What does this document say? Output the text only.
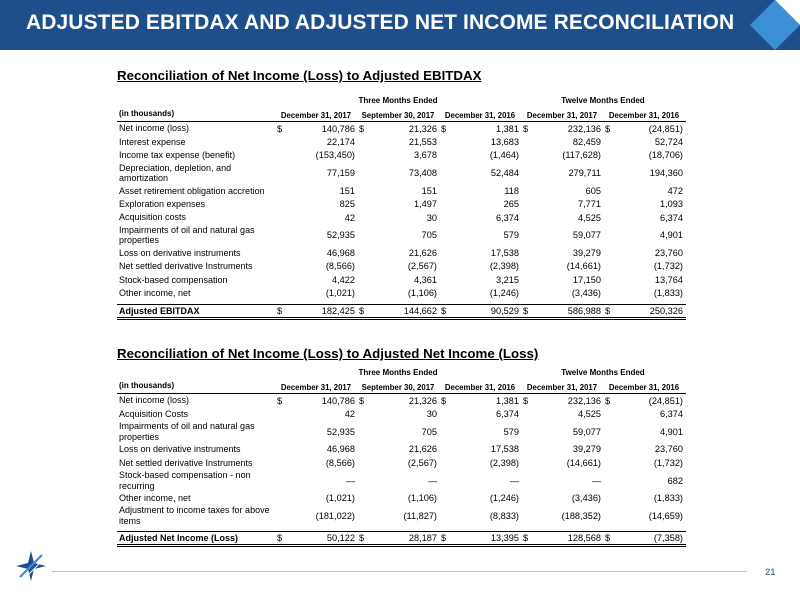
ADJUSTED EBITDAX AND ADJUSTED NET INCOME RECONCILIATION
Reconciliation of Net Income (Loss) to Adjusted EBITDAX
Three Months Ended	Twelve Months Ended
(in thousands)	December 31, 2017	September 30, 2017	December 31, 2016	December 31, 2017	December 31, 2016
Net income (loss)	$	140,786 $	21,326 $	1,381 $	232,136 $	(24,851)
Interest expense	22,174	21,553	13,683	82,459	52,724
Income tax expense (benefit)	(153,450)	3,678	(1,464)	(117,628)	(18,706)
Depreciation, depletion, and amortization	77,159	73,408	52,484	279,711	194,360
Asset retirement obligation accretion	151	151	118	605	472
Exploration expenses	825	1,497	265	7,771	1,093
Acquisition costs	42	30	6,374	4,525	6,374
Impairments of oil and natural gas properties	52,935	705	579	59,077	4,901
Loss on derivative instruments	46,968	21,626	17,538	39,279	23,760
Net settled derivative Instruments	(8,566)	(2,567)	(2,398)	(14,661)	(1,732)
Stock-based compensation	4,422	4,361	3,215	17,150	13,764
Other income, net	(1,021)	(1,106)	(1,246)	(3,436)	(1,833)
Adjusted EBITDAX	$	182,425 $	144,662 $	90,529 $	586,988 $	250,326
Reconciliation of Net Income (Loss) to Adjusted Net Income (Loss)
Three Months Ended	Twelve Months Ended
(in thousands)	December 31, 2017	September 30, 2017	December 31, 2016	December 31, 2017	December 31, 2016
Net income (loss)	$	140,786 $	21,326 $	1,381 $	232,136 $	(24,851)
Acquisition Costs	42	30	6,374	4,525	6,374
Impairments of oil and natural gas properties	52,935	705	579	59,077	4,901
Loss on derivative instruments	46,968	21,626	17,538	39,279	23,760
Net settled derivative Instruments	(8,566)	(2,567)	(2,398)	(14,661)	(1,732)
Stock-based compensation - non recurring	—	—	—	—	682
Other income, net	(1,021)	(1,106)	(1,246)	(3,436)	(1,833)
Adjustment to income taxes for above items	(181,022)	(11,827)	(8,833)	(188,352)	(14,659)
Adjusted Net Income (Loss)	$	50,122 $	28,187 $	13,395 $	128,568 $	(7,358)
21
